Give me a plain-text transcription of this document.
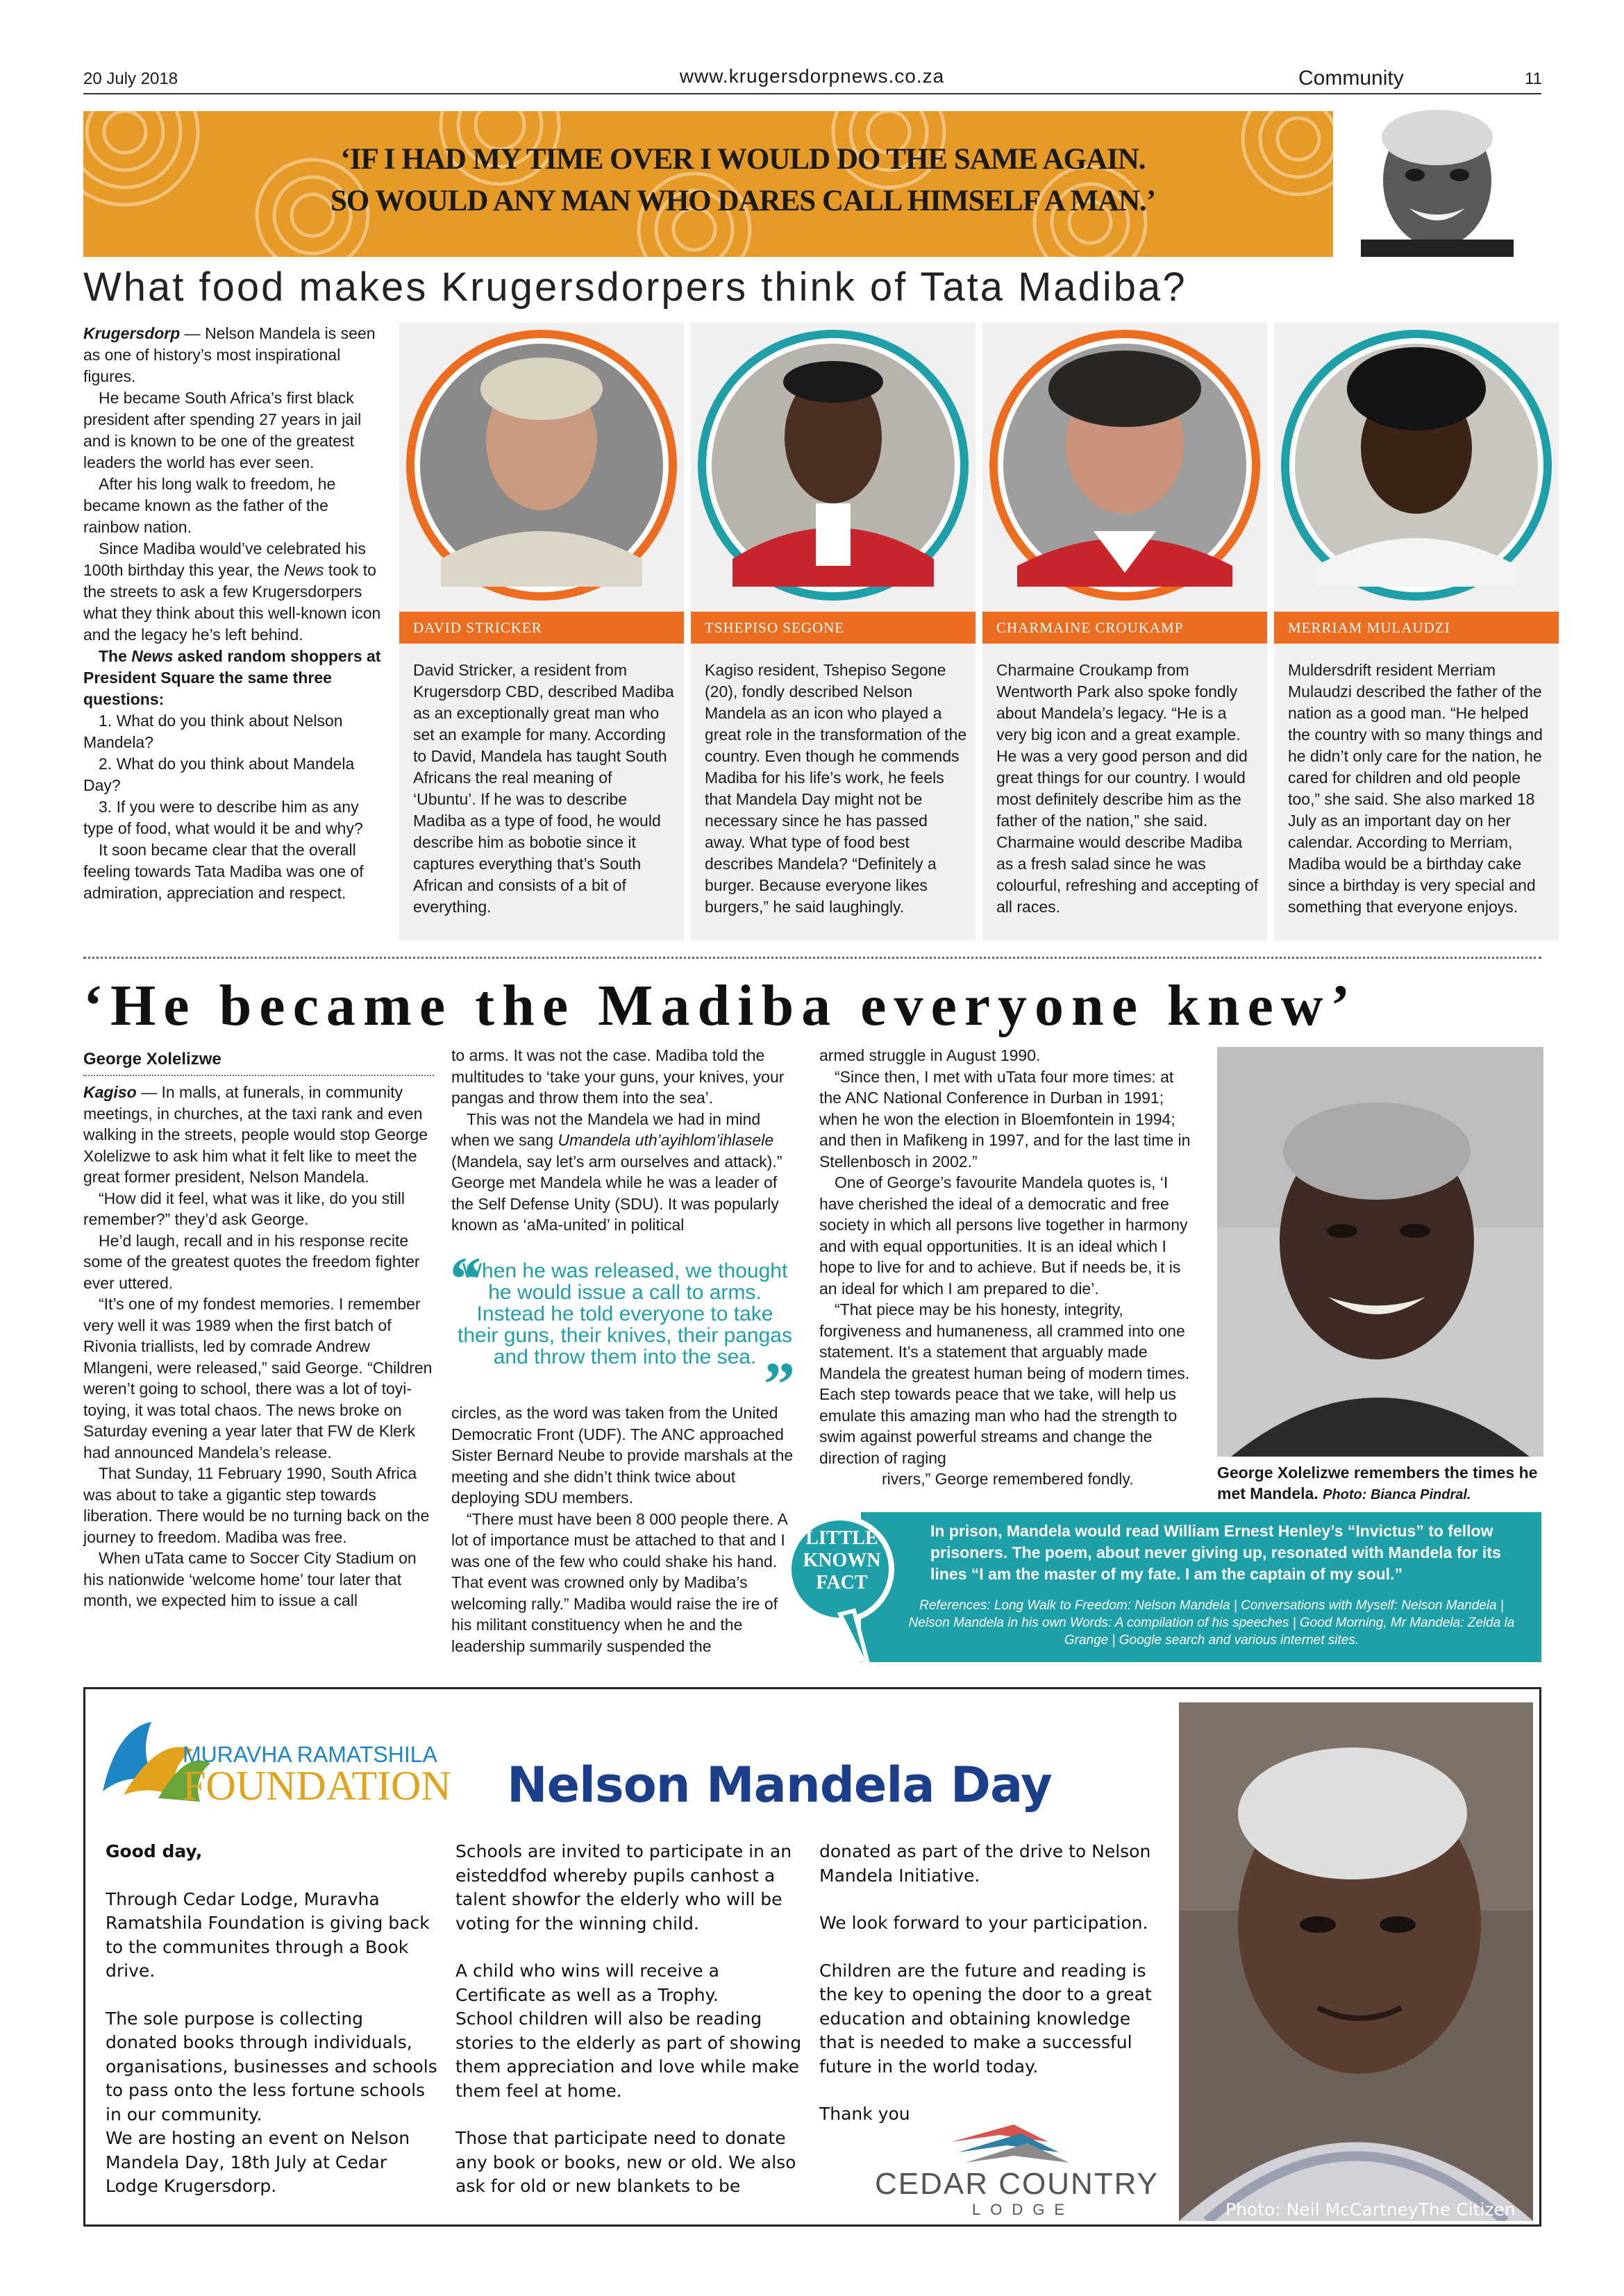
20 July 2018	www.krugersdorpnews.co.za	Community	11
‘IF I HAD MY TIME OVER I WOULD DO THE SAME AGAIN.
SO WOULD ANY MAN WHO DARES CALL HIMSELF A MAN.’
What food makes Krugersdorpers think of Tata Madiba?

Krugersdorp — Nelson Mandela is seen as one of history’s most inspirational figures.

He became South Africa’s first black president after spending 27 years in jail and is known to be one of the greatest leaders the world has ever seen.

After his long walk to freedom, he became known as the father of the rainbow nation.

Since Madiba would’ve celebrated his 100th birthday this year, the News took to the streets to ask a few Krugersdorpers what they think about this well-known icon and the legacy he’s left behind.

The News asked random shoppers at President Square the same three questions:

1. What do you think about Nelson Mandela?

2. What do you think about Mandela Day?

3. If you were to describe him as any type of food, what would it be and why?

It soon became clear that the overall feeling towards Tata Madiba was one of admiration, appreciation and respect.

DAVID STRICKER
David Stricker, a resident from Krugersdorp CBD, described Madiba as an exceptionally great man who set an example for many. According to David, Mandela has taught South Africans the real meaning of ‘Ubuntu’. If he was to describe Madiba as a type of food, he would describe him as bobotie since it captures everything that’s South African and consists of a bit of everything.
TSHEPISO SEGONE
Kagiso resident, Tshepiso Segone (20), fondly described Nelson Mandela as an icon who played a great role in the transformation of the country. Even though he commends Madiba for his life’s work, he feels that Mandela Day might not be necessary since he has passed away. What type of food best describes Mandela? “Definitely a burger. Because everyone likes burgers,” he said laughingly.
CHARMAINE CROUKAMP
Charmaine Croukamp from Wentworth Park also spoke fondly about Mandela’s legacy. “He is a very big icon and a great example. He was a very good person and did great things for our country. I would most definitely describe him as the father of the nation,” she said. Charmaine would describe Madiba as a fresh salad since he was colourful, refreshing and accepting of all races.
MERRIAM MULAUDZI
Muldersdrift resident Merriam Mulaudzi described the father of the nation as a good man. “He helped the country with so many things and he didn’t only care for the nation, he cared for children and old people too,” she said. She also marked 18 July as an important day on her calendar. According to Merriam, Madiba would be a birthday cake since a birthday is very special and something that everyone enjoys.
‘He became the Madiba everyone knew’
George Xolelizwe

Kagiso — In malls, at funerals, in community meetings, in churches, at the taxi rank and even walking in the streets, people would stop George Xolelizwe to ask him what it felt like to meet the great former president, Nelson Mandela.

“How did it feel, what was it like, do you still remember?” they’d ask George.

He’d laugh, recall and in his response recite some of the greatest quotes the freedom fighter ever uttered.

“It’s one of my fondest memories. I remember very well it was 1989 when the first batch of Rivonia triallists, led by comrade Andrew Mlangeni, were released,” said George. “Children weren’t going to school, there was a lot of toyi-toying, it was total chaos. The news broke on Saturday evening a year later that FW de Klerk had announced Mandela’s release.

That Sunday, 11 February 1990, South Africa was about to take a gigantic step towards liberation. There would be no turning back on the journey to freedom. Madiba was free.

When uTata came to Soccer City Stadium on his nationwide ‘welcome home’ tour later that month, we expected him to issue a call

to arms. It was not the case. Madiba told the multitudes to ‘take your guns, your knives, your pangas and throw them into the sea’.

This was not the Mandela we had in mind when we sang Umandela uth’ayihlom’ihlasele (Mandela, say let’s arm ourselves and attack).”

George met Mandela while he was a leader of the Self Defense Unity (SDU). It was popularly known as ‘aMa-united’ in political

“
When he was released, we thought he would issue a call to arms. Instead he told everyone to take their guns, their knives, their pangas and throw them into the sea. ”

circles, as the word was taken from the United Democratic Front (UDF). The ANC approached Sister Bernard Neube to provide marshals at the meeting and she didn’t think twice about deploying SDU members.

“There must have been 8 000 people there. A lot of importance must be attached to that and I was one of the few who could shake his hand. That event was crowned only by Madiba’s welcoming rally.” Madiba would raise the ire of his militant constituency when he and the leadership summarily suspended the

armed struggle in August 1990.

“Since then, I met with uTata four more times: at the ANC National Conference in Durban in 1991; when he won the election in Bloemfontein in 1994; and then in Mafikeng in 1997, and for the last time in Stellenbosch in 2002.”

One of George’s favourite Mandela quotes is, ‘I have cherished the ideal of a democratic and free society in which all persons live together in harmony and with equal opportunities. It is an ideal which I hope to live for and to achieve. But if needs be, it is an ideal for which I am prepared to die’.

“That piece may be his honesty, integrity, forgiveness and humaneness, all crammed into one statement. It’s a statement that arguably made Mandela the greatest human being of modern times. Each step towards peace that we take, will help us emulate this amazing man who had the strength to swim against powerful streams and change the direction of raging

rivers,” George remembered fondly.	George Xolelizwe remembers the times he met Mandela. Photo: Bianca Pindral.
LITTLE KNOWN FACT
In prison, Mandela would read William Ernest Henley’s “Invictus” to fellow prisoners. The poem, about never giving up, resonated with Mandela for its lines “I am the master of my fate. I am the captain of my soul.”
References: Long Walk to Freedom: Nelson Mandela | Conversations with Myself: Nelson Mandela | Nelson Mandela in his own Words: A compilation of his speeches | Good Morning, Mr Mandela: Zelda la Grange | Google search and various internet sites.
MURAVHA RAMATSHILA
FOUNDATION Nelson Mandela Day

Good day,

Through Cedar Lodge, Muravha Ramatshila Foundation is giving back to the communites through a Book drive.

The sole purpose is collecting donated books through individuals, organisations, businesses and schools to pass onto the less fortune schools in our community.

We are hosting an event on Nelson Mandela Day, 18th July at Cedar Lodge Krugersdorp.

Schools are invited to participate in an eisteddfod whereby pupils canhost a talent showfor the elderly who will be voting for the winning child.

A child who wins will receive a Certificate as well as a Trophy.

School children will also be reading stories to the elderly as part of showing them appreciation and love while make them feel at home.

Those that participate need to donate any book or books, new or old. We also ask for old or new blankets to be

donated as part of the drive to Nelson Mandela Initiative.

We look forward to your participation.

Children are the future and reading is the key to opening the door to a great education and obtaining knowledge that is needed to make a successful future in the world today.

Thank you

CEDAR COUNTRY
LODGE	Photo: Neil McCartneyThe Citizen
